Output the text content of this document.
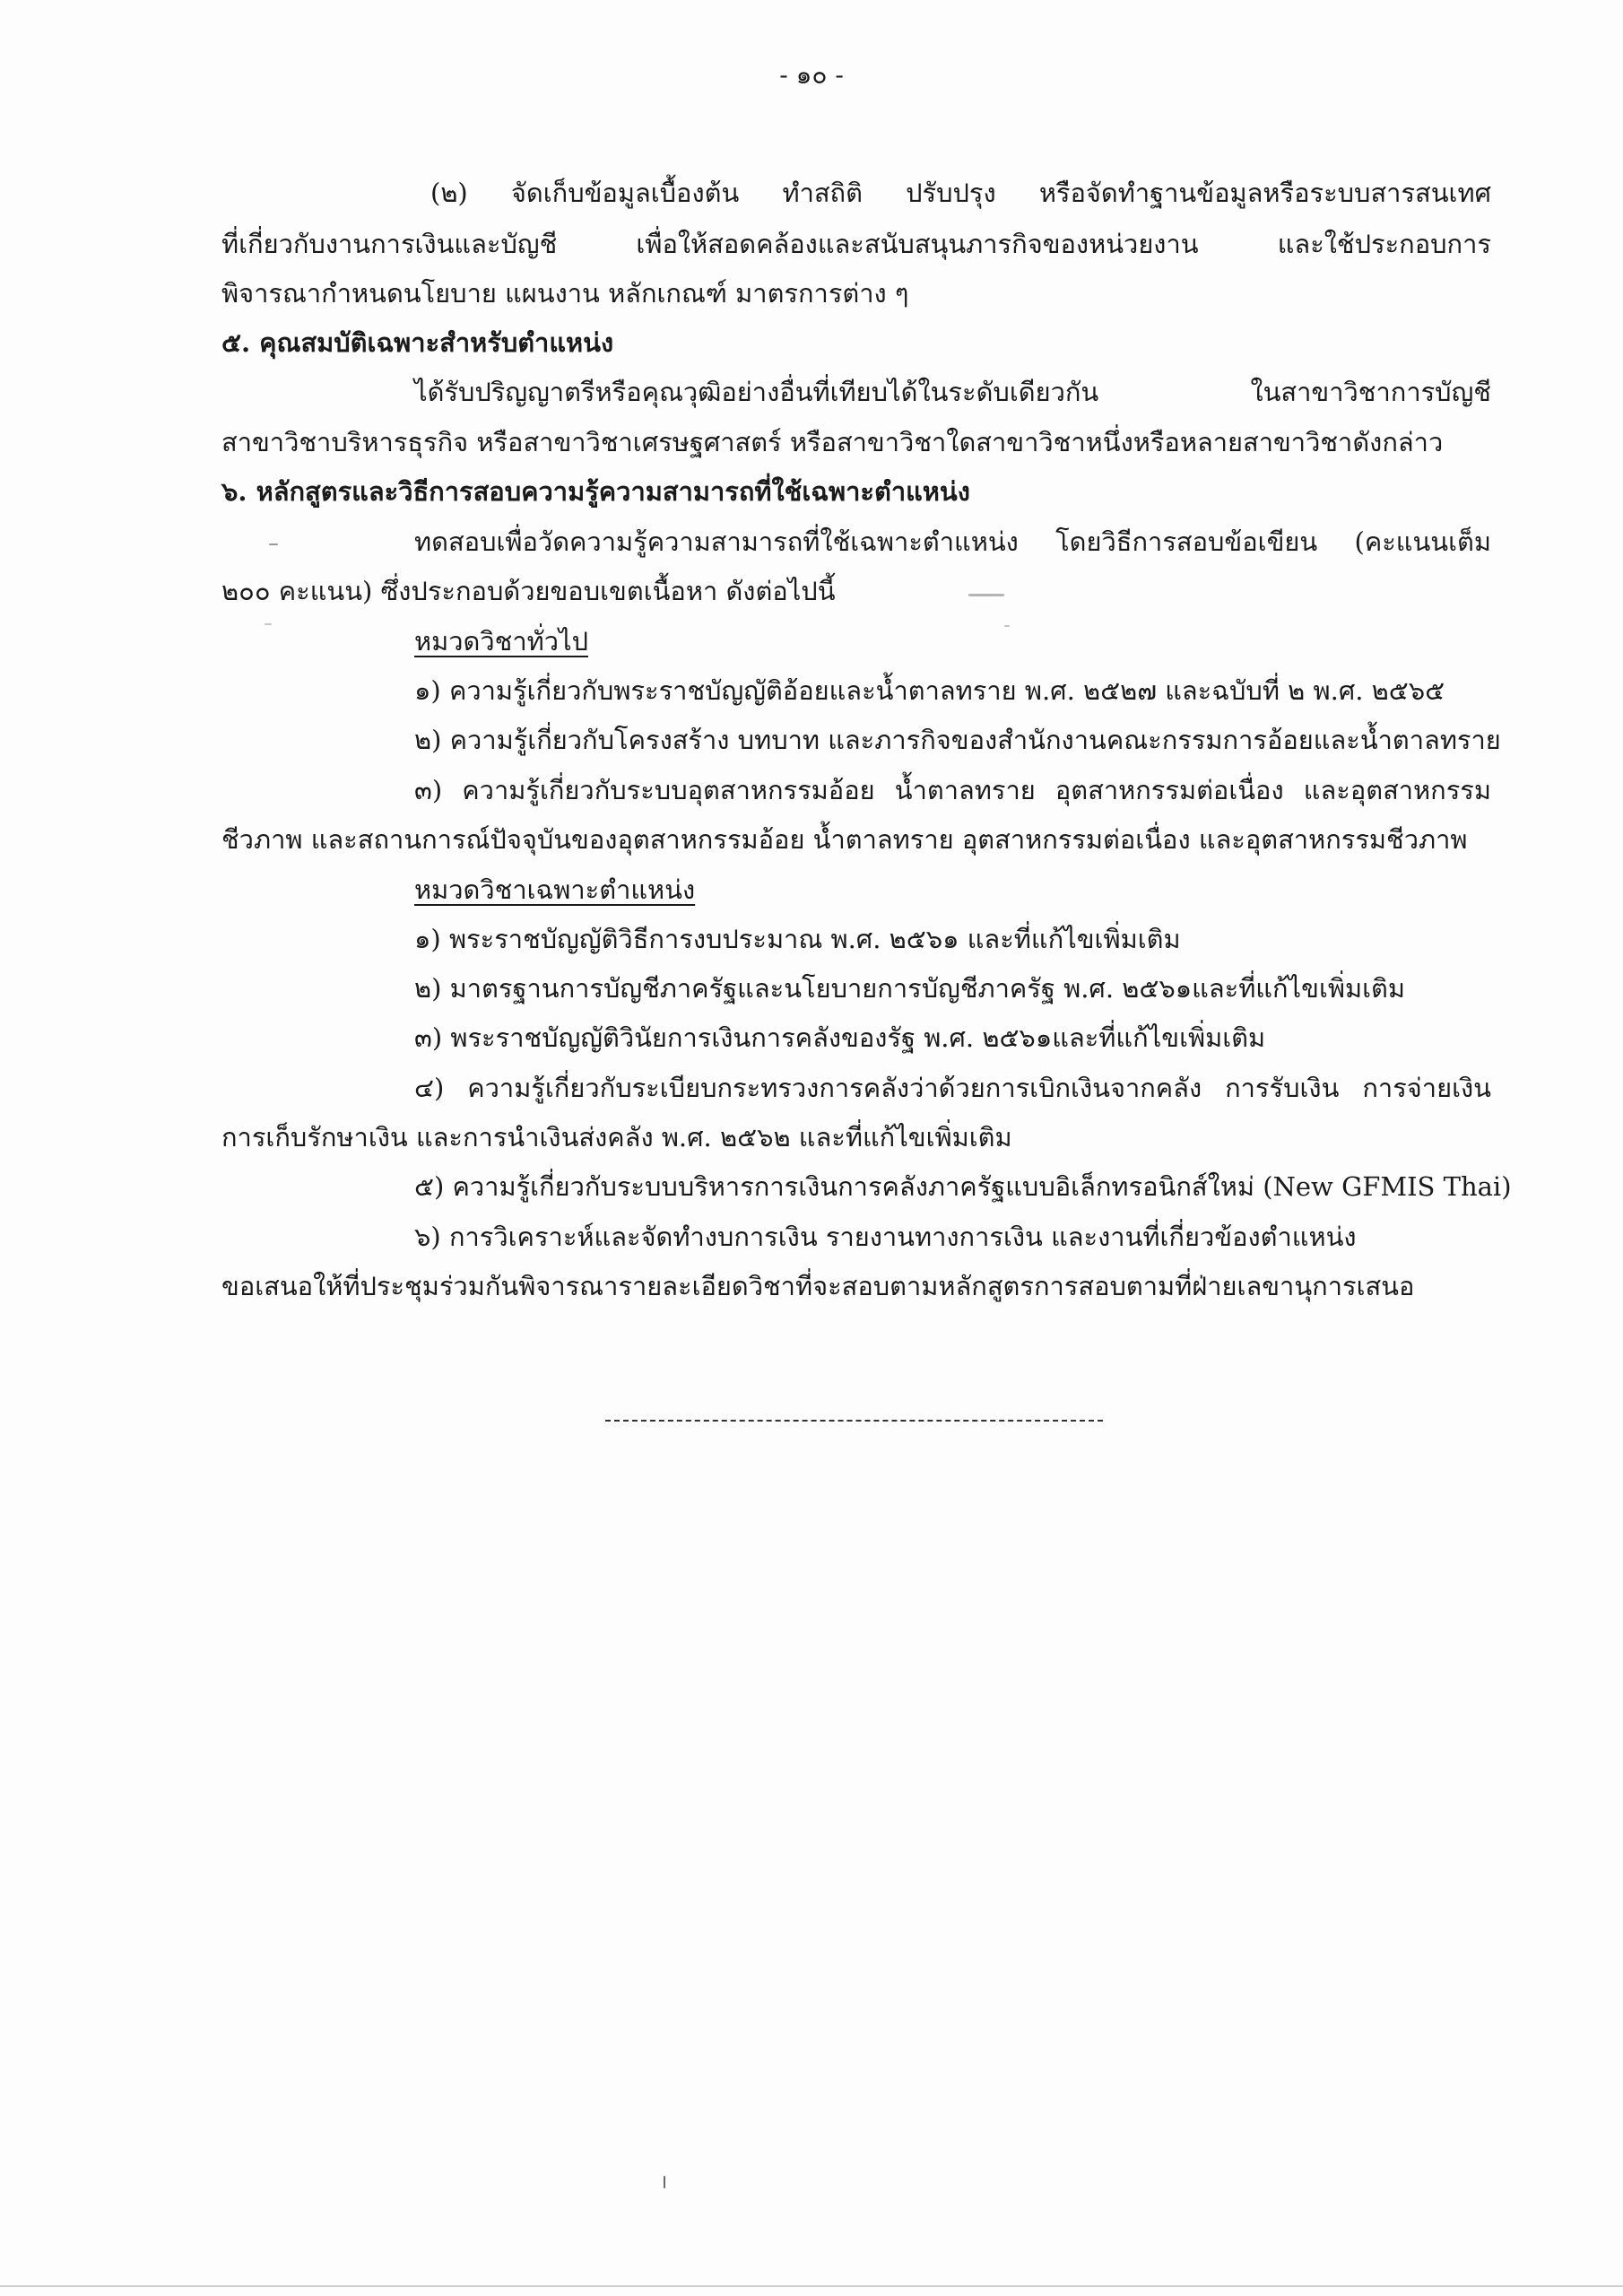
- ๑๐ -
(๒) จัดเก็บข้อมูลเบื้องต้น ทำสถิติ ปรับปรุง หรือจัดทำฐานข้อมูลหรือระบบสารสนเทศ
ที่เกี่ยวกับงานการเงินและบัญชี	เพื่อให้สอดคล้องและสนับสนุนภารกิจของหน่วยงาน	และใช้ประกอบการ
พิจารณากำหนดนโยบาย แผนงาน หลักเกณฑ์ มาตรการต่าง ๆ
๕. คุณสมบัติเฉพาะสำหรับตำแหน่ง
ได้รับปริญญาตรีหรือคุณวุฒิอย่างอื่นที่เทียบได้ในระดับเดียวกัน	ในสาขาวิชาการบัญชี
สาขาวิชาบริหารธุรกิจ หรือสาขาวิชาเศรษฐศาสตร์ หรือสาขาวิชาใดสาขาวิชาหนึ่งหรือหลายสาขาวิชาดังกล่าว
๖. หลักสูตรและวิธีการสอบความรู้ความสามารถที่ใช้เฉพาะตำแหน่ง
ทดสอบเพื่อวัดความรู้ความสามารถที่ใช้เฉพาะตำแหน่ง โดยวิธีการสอบข้อเขียน (คะแนนเต็ม
๒๐๐ คะแนน) ซึ่งประกอบด้วยขอบเขตเนื้อหา ดังต่อไปนี้
หมวดวิชาทั่วไป
๑) ความรู้เกี่ยวกับพระราชบัญญัติอ้อยและน้ำตาลทราย พ.ศ. ๒๕๒๗ และฉบับที่ ๒ พ.ศ. ๒๕๖๕
๒) ความรู้เกี่ยวกับโครงสร้าง บทบาท และภารกิจของสำนักงานคณะกรรมการอ้อยและน้ำตาลทราย
๓) ความรู้เกี่ยวกับระบบอุตสาหกรรมอ้อย น้ำตาลทราย อุตสาหกรรมต่อเนื่อง และอุตสาหกรรม
ชีวภาพ และสถานการณ์ปัจจุบันของอุตสาหกรรมอ้อย น้ำตาลทราย อุตสาหกรรมต่อเนื่อง และอุตสาหกรรมชีวภาพ
หมวดวิชาเฉพาะตำแหน่ง
๑) พระราชบัญญัติวิธีการงบประมาณ พ.ศ. ๒๕๖๑ และที่แก้ไขเพิ่มเติม
๒) มาตรฐานการบัญชีภาครัฐและนโยบายการบัญชีภาครัฐ พ.ศ. ๒๕๖๑และที่แก้ไขเพิ่มเติม
๓) พระราชบัญญัติวินัยการเงินการคลังของรัฐ พ.ศ. ๒๕๖๑และที่แก้ไขเพิ่มเติม
๔) ความรู้เกี่ยวกับระเบียบกระทรวงการคลังว่าด้วยการเบิกเงินจากคลัง การรับเงิน การจ่ายเงิน
การเก็บรักษาเงิน และการนำเงินส่งคลัง พ.ศ. ๒๕๖๒ และที่แก้ไขเพิ่มเติม
๕) ความรู้เกี่ยวกับระบบบริหารการเงินการคลังภาครัฐแบบอิเล็กทรอนิกส์ใหม่ (New GFMIS Thai)
๖) การวิเคราะห์และจัดทำงบการเงิน รายงานทางการเงิน และงานที่เกี่ยวข้องตำแหน่ง
ขอเสนอให้ที่ประชุมร่วมกันพิจารณารายละเอียดวิชาที่จะสอบตามหลักสูตรการสอบตามที่ฝ่ายเลขานุการเสนอ
